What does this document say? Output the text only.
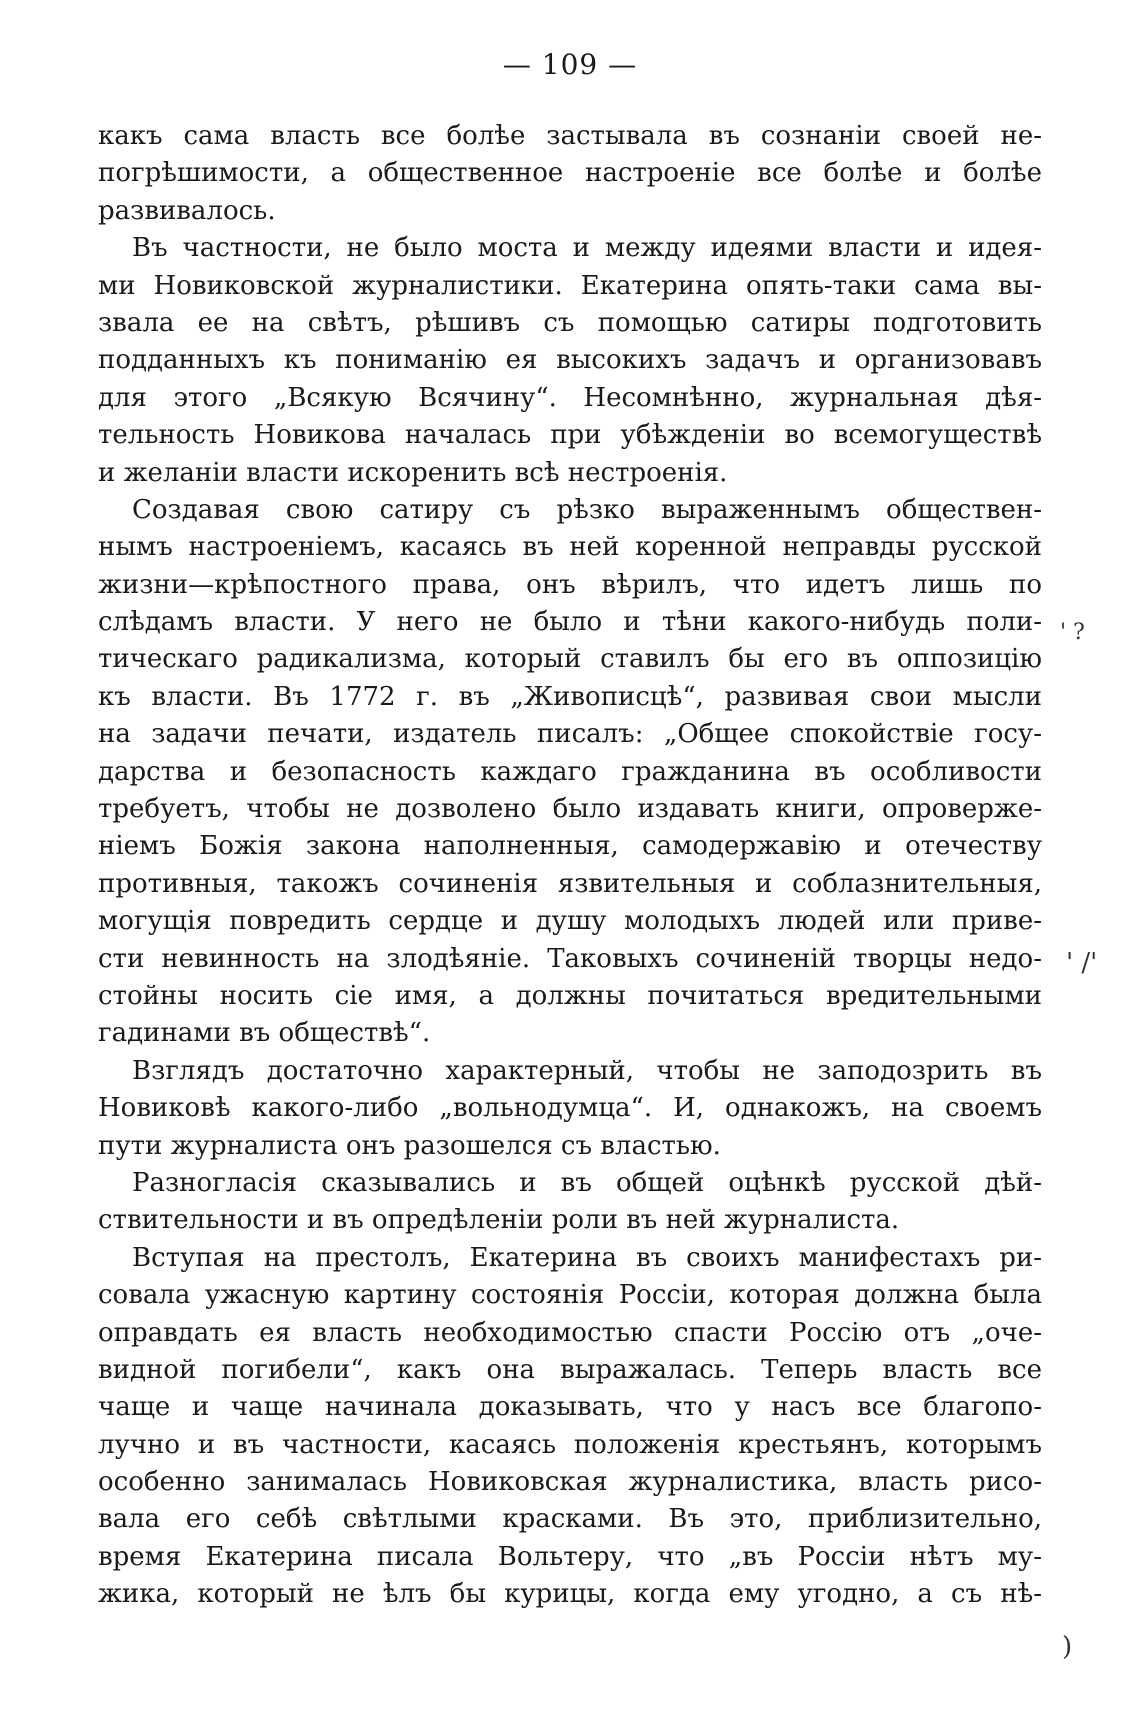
— 109 —
какъ сама власть все болѣе застывала въ сознаніи своей не-
погрѣшимости, а общественное настроеніе все болѣе и болѣе
развивалось.
Въ частности, не было моста и между идеями власти и идея-
ми Новиковской журналистики. Екатерина опять-таки сама вы-
звала ее на свѣтъ, рѣшивъ съ помощью сатиры подготовить
подданныхъ къ пониманію ея высокихъ задачъ и организовавъ
для этого „Всякую Всячину“. Несомнѣнно, журнальная дѣя-
тельность Новикова началась при убѣжденіи во всемогуществѣ
и желаніи власти искоренить всѣ нестроенія.
Создавая свою сатиру съ рѣзко выраженнымъ обществен-
нымъ настроеніемъ, касаясь въ ней коренной неправды русской
жизни—крѣпостного права, онъ вѣрилъ, что идетъ лишь по
слѣдамъ власти. У него не было и тѣни какого-нибудь поли-
тическаго радикализма, который ставилъ бы его въ оппозицію
къ власти. Въ 1772 г. въ „Живописцѣ“, развивая свои мысли
на задачи печати, издатель писалъ: „Общее спокойствіе госу-
дарства и безопасность каждаго гражданина въ особливости
требуетъ, чтобы не дозволено было издавать книги, опроверже-
ніемъ Божія закона наполненныя, самодержавію и отечеству
противныя, такожъ сочиненія язвительныя и соблазнительныя,
могущія повредить сердце и душу молодыхъ людей или приве-
сти невинность на злодѣяніе. Таковыхъ сочиненій творцы недо-
стойны носить сіе имя, а должны почитаться вредительными
гадинами въ обществѣ“.
Взглядъ достаточно характерный, чтобы не заподозрить въ
Новиковѣ какого-либо „вольнодумца“. И, однакожъ, на своемъ
пути журналиста онъ разошелся съ властью.
Разногласія сказывались и въ общей оцѣнкѣ русской дѣй-
ствительности и въ опредѣленіи роли въ ней журналиста.
Вступая на престолъ, Екатерина въ своихъ манифестахъ ри-
совала ужасную картину состоянія Россіи, которая должна была
оправдать ея власть необходимостью спасти Россію отъ „оче-
видной погибели“, какъ она выражалась. Теперь власть все
чаще и чаще начинала доказывать, что у насъ все благопо-
лучно и въ частности, касаясь положенія крестьянъ, которымъ
особенно занималась Новиковская журналистика, власть рисо-
вала его себѣ свѣтлыми красками. Въ это, приблизительно,
время Екатерина писала Вольтеру, что „въ Россіи нѣтъ му-
жика, который не ѣлъ бы курицы, когда ему угодно, а съ нѣ-
' ?
' /'
)
